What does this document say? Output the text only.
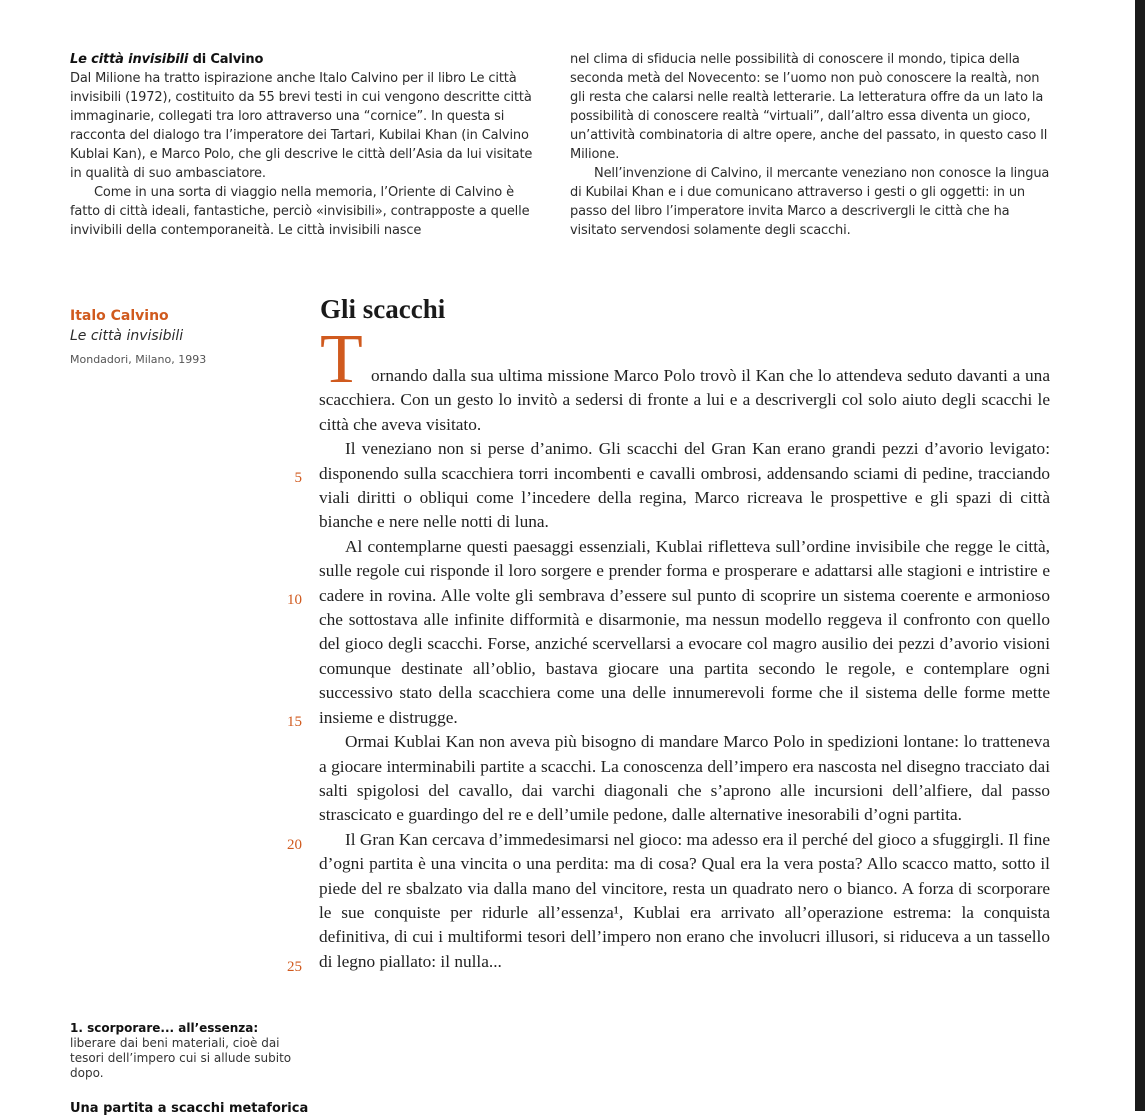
Le città invisibili di Calvino
Dal Milione ha tratto ispirazione anche Italo Calvino per il libro Le città invisibili (1972), costituito da 55 brevi testi in cui vengono descritte città immaginarie, collegati tra loro attraverso una “cornice”. In questa si racconta del dialogo tra l’imperatore dei Tartari, Kubilai Khan (in Calvino Kublai Kan), e Marco Polo, che gli descrive le città dell’Asia da lui visitate in qualità di suo ambasciatore.

Come in una sorta di viaggio nella memoria, l’Oriente di Calvino è fatto di città ideali, fantastiche, perciò «invisibili», contrapposte a quelle invivibili della contemporaneità. Le città invisibili nasce

nel clima di sfiducia nelle possibilità di conoscere il mondo, tipica della seconda metà del Novecento: se l’uomo non può conoscere la realtà, non gli resta che calarsi nelle realtà letterarie. La letteratura offre da un lato la possibilità di conoscere realtà “virtuali”, dall’altro essa diventa un gioco, un’attività combinatoria di altre opere, anche del passato, in questo caso Il Milione.

Nell’invenzione di Calvino, il mercante veneziano non conosce la lingua di Kubilai Khan e i due comunicano attraverso i gesti o gli oggetti: in un passo del libro l’imperatore invita Marco a descrivergli le città che ha visitato servendosi solamente degli scacchi.

Italo Calvino
Le città invisibili
Mondadori, Milano, 1993
Gli scacchi
T ornando dalla sua ultima missione Marco Polo trovò il Kan che lo attendeva seduto davanti a una scacchiera. Con un gesto lo invitò a sedersi di fronte a lui e a descrivergli col solo aiuto degli scacchi le città che aveva visitato.

Il veneziano non si perse d’animo. Gli scacchi del Gran Kan erano grandi pezzi d’avorio levigato: disponendo sulla scacchiera torri incombenti e cavalli ombrosi, addensando sciami di pedine, tracciando viali diritti o obliqui come l’incedere della regina, Marco ricreava le prospettive e gli spazi di città bianche e nere nelle notti di luna.

Al contemplarne questi paesaggi essenziali, Kublai rifletteva sull’ordine invisibile che regge le città, sulle regole cui risponde il loro sorgere e prender forma e prosperare e adattarsi alle stagioni e intristire e cadere in rovina. Alle volte gli sembrava d’essere sul punto di scoprire un sistema coerente e armonioso che sottostava alle infinite difformità e disarmonie, ma nessun modello reggeva il confronto con quello del gioco degli scacchi. Forse, anziché scervellarsi a evocare col magro ausilio dei pezzi d’avorio visioni comunque destinate all’oblio, bastava giocare una partita secondo le regole, e contemplare ogni successivo stato della scacchiera come una delle innumerevoli forme che il sistema delle forme mette insieme e distrugge.

Ormai Kublai Kan non aveva più bisogno di mandare Marco Polo in spedizioni lontane: lo tratteneva a giocare interminabili partite a scacchi. La conoscenza dell’impero era nascosta nel disegno tracciato dai salti spigolosi del cavallo, dai varchi diagonali che s’aprono alle incursioni dell’alfiere, dal passo strascicato e guardingo del re e dell’umile pedone, dalle alternative inesorabili d’ogni partita.

Il Gran Kan cercava d’immedesimarsi nel gioco: ma adesso era il perché del gioco a sfuggirgli. Il fine d’ogni partita è una vincita o una perdita: ma di cosa? Qual era la vera posta? Allo scacco matto, sotto il piede del re sbalzato via dalla mano del vincitore, resta un quadrato nero o bianco. A forza di scorporare le sue conquiste per ridurle all’essenza¹, Kublai era arrivato all’operazione estrema: la conquista definitiva, di cui i multiformi tesori dell’impero non erano che involucri illusori, si riduceva a un tassello di legno piallato: il nulla...

5
10
15
20
25
1. scorporare... all’essenza:
liberare dai beni materiali, cioè dai tesori dell’impero cui si allude subito dopo.
Una partita a scacchi metaforica
